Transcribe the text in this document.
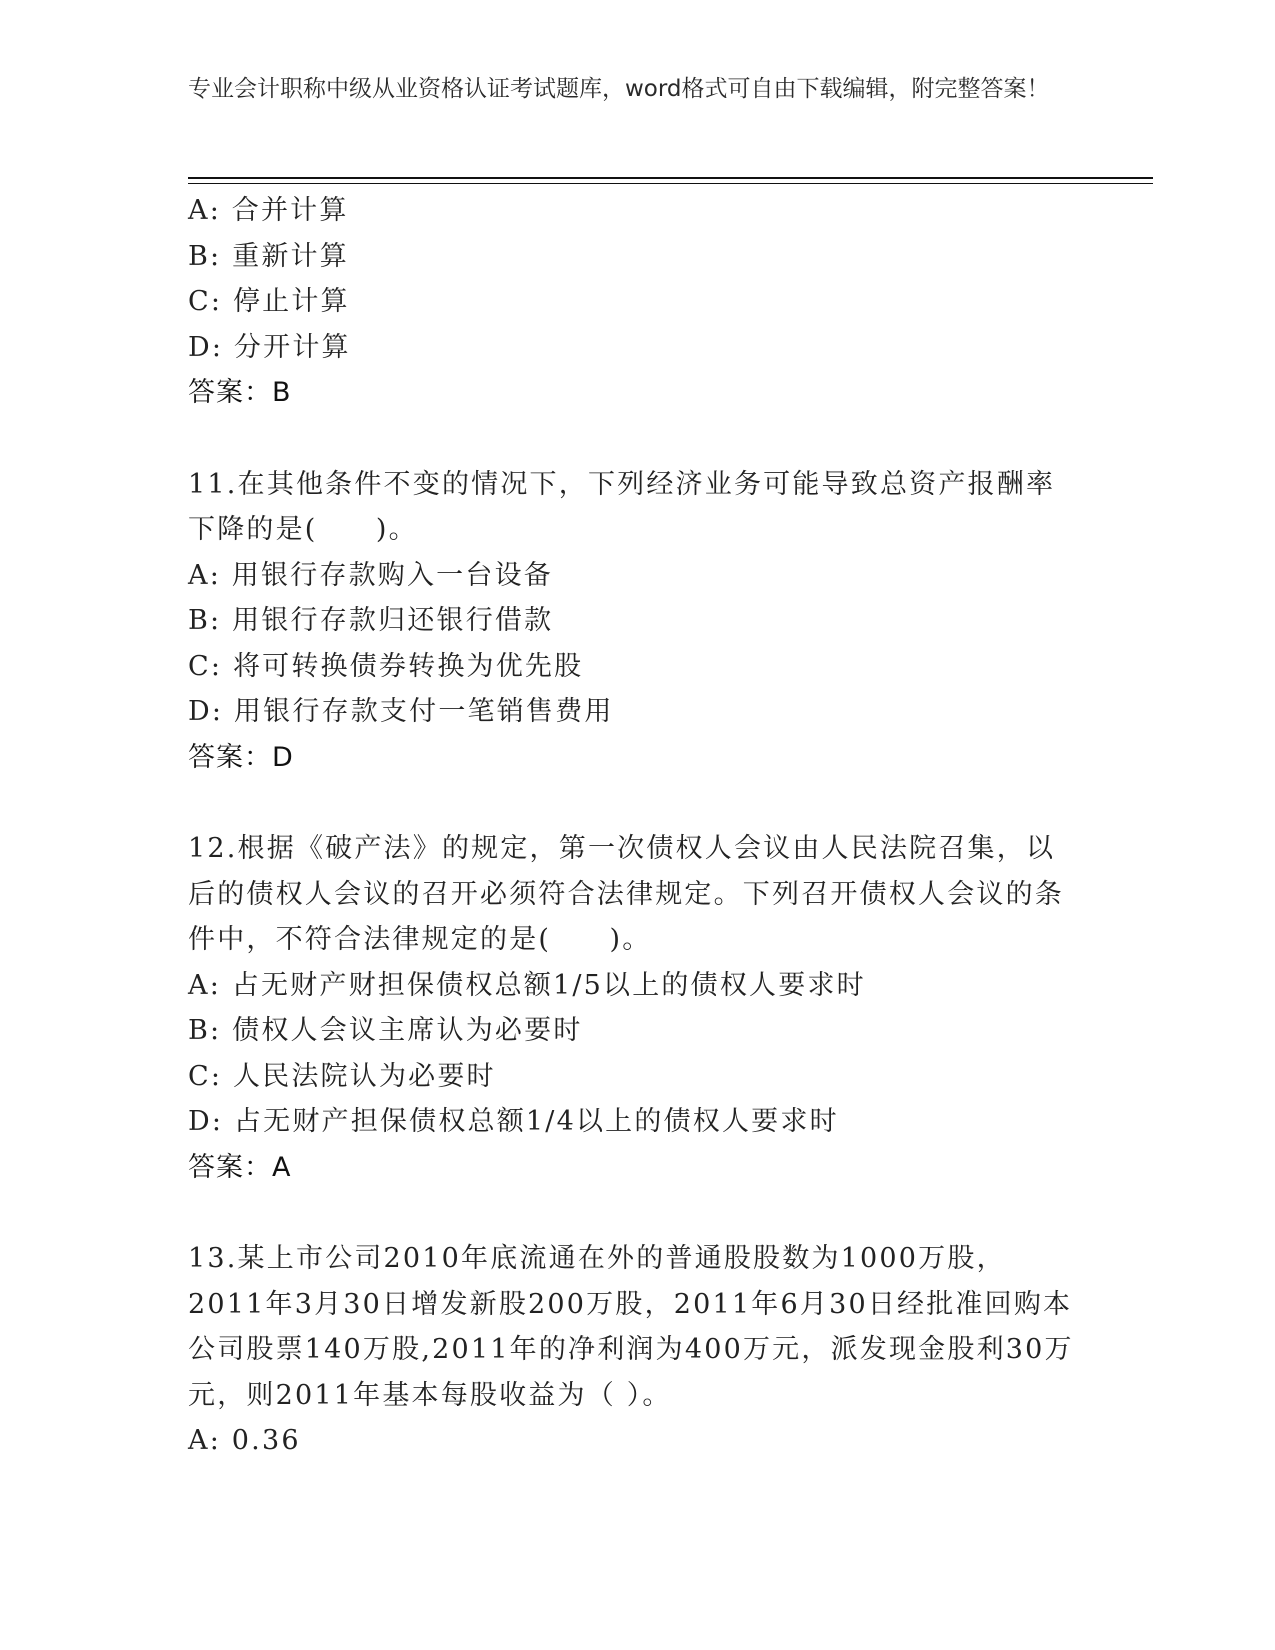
专业会计职称中级从业资格认证考试题库，word格式可自由下载编辑，附完整答案！
A: 合并计算
B: 重新计算
C: 停止计算
D: 分开计算
答案：B
11.在其他条件不变的情况下，下列经济业务可能导致总资产报酬率下降的是(　　)。
A: 用银行存款购入一台设备
B: 用银行存款归还银行借款
C: 将可转换债券转换为优先股
D: 用银行存款支付一笔销售费用
答案：D
12.根据《破产法》的规定，第一次债权人会议由人民法院召集，以后的债权人会议的召开必须符合法律规定。下列召开债权人会议的条件中，不符合法律规定的是(　　)。
A: 占无财产财担保债权总额1/5以上的债权人要求时
B: 债权人会议主席认为必要时
C: 人民法院认为必要时
D: 占无财产担保债权总额1/4以上的债权人要求时
答案：A
13.某上市公司2010年底流通在外的普通股股数为1000万股，2011年3月30日增发新股200万股，2011年6月30日经批准回购本公司股票140万股,2011年的净利润为400万元，派发现金股利30万元，则2011年基本每股收益为（ ）。
A: 0.36
